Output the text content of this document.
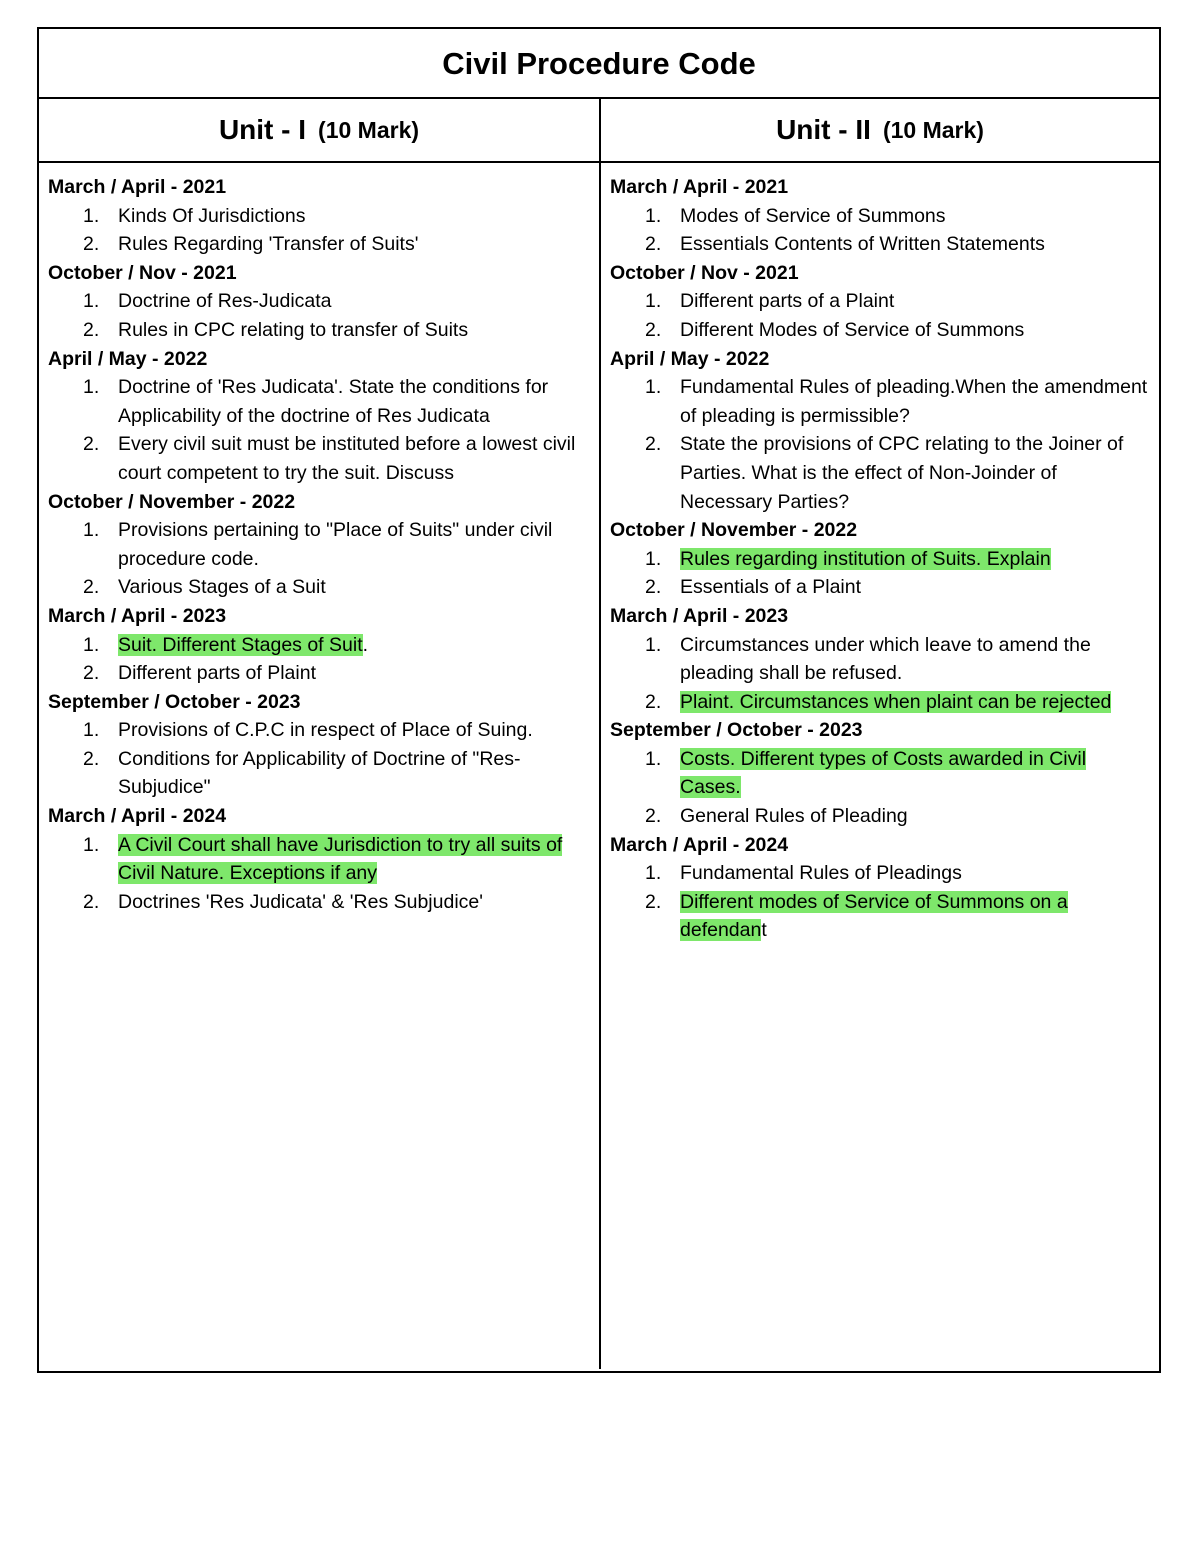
Civil Procedure Code
Unit - I (10 Mark)	Unit - II (10 Mark)
March / April - 2021
1. Kinds Of Jurisdictions
2. Rules Regarding 'Transfer of Suits'
October / Nov - 2021
1. Doctrine of Res-Judicata
2. Rules in CPC relating to transfer of Suits
April / May - 2022
1. Doctrine of 'Res Judicata'. State the conditions for Applicability of the doctrine of Res Judicata
2. Every civil suit must be instituted before a lowest civil court competent to try the suit. Discuss
October / November - 2022
1. Provisions pertaining to "Place of Suits" under civil procedure code.
2. Various Stages of a Suit
March / April - 2023
1. Suit. Different Stages of Suit.
2. Different parts of Plaint
September / October - 2023
1. Provisions of C.P.C in respect of Place of Suing.
2. Conditions for Applicability of Doctrine of "Res-Subjudice"
March / April - 2024
1. A Civil Court shall have Jurisdiction to try all suits of Civil Nature. Exceptions if any
2. Doctrines 'Res Judicata' & 'Res Subjudice'
March / April - 2021
1. Modes of Service of Summons
2. Essentials Contents of Written Statements
October / Nov - 2021
1. Different parts of a Plaint
2. Different Modes of Service of Summons
April / May - 2022
1. Fundamental Rules of pleading.When the amendment of pleading is permissible?
2. State the provisions of CPC relating to the Joiner of Parties. What is the effect of Non-Joinder of Necessary Parties?
October / November - 2022
1. Rules regarding institution of Suits. Explain
2. Essentials of a Plaint
March / April - 2023
1. Circumstances under which leave to amend the pleading shall be refused.
2. Plaint. Circumstances when plaint can be rejected
September / October - 2023
1. Costs. Different types of Costs awarded in Civil Cases.
2. General Rules of Pleading
March / April - 2024
1. Fundamental Rules of Pleadings
2. Different modes of Service of Summons on a defendant
